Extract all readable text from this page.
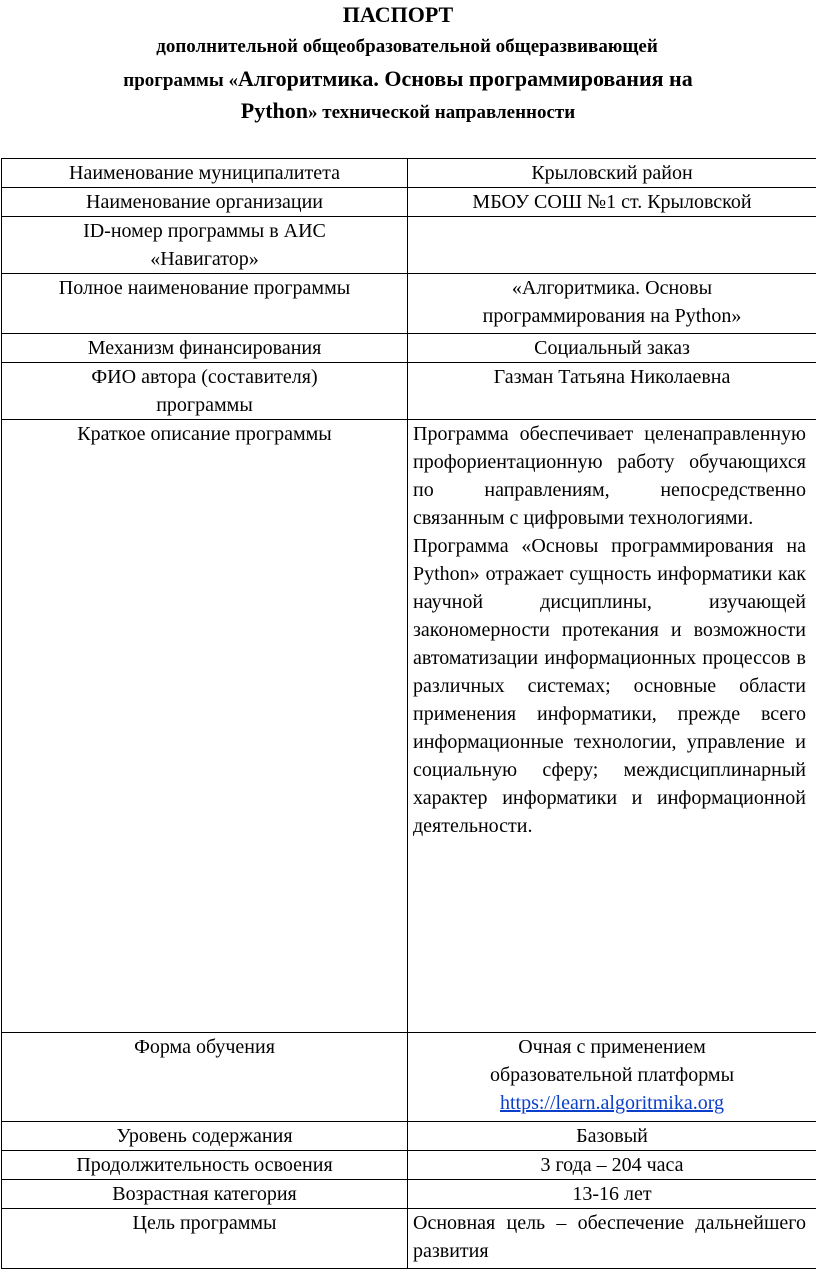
ПАСПОРТ
дополнительной общеобразовательной общеразвивающей
программы «Алгоритмика. Основы программирования на
Python» технической направленности
Наименование муниципалитета	Крыловский район
Наименование организации	МБОУ СОШ №1 ст. Крыловской

ID-номер программы в АИС
«Навигатор»	

Полное наименование программы	«Алгоритмика. Основы
программирования на Python»

Механизм финансирования	Социальный заказ

ФИО автора (составителя)
программы	Газман Татьяна Николаевна
Краткое описание программы	Программа обеспечивает целенаправленную профориентационную работу обучающихся по направлениям, непосредственно связанным с цифровыми технологиями.

Программа «Основы программирования на Python» отражает сущность информатики как научной дисциплины, изучающей закономерности протекания и возможности автоматизации информационных процессов в различных системах; основные области применения информатики, прежде всего информационные технологии, управление и социальную сферу; междисциплинарный характер информатики и информационной деятельности.

Форма обучения	Очная с применением
образовательной платформы
https://learn.algoritmika.org

Уровень содержания	Базовый
Продолжительность освоения	3 года – 204 часа
Возрастная категория	13-16 лет
Цель программы	Основная цель – обеспечение дальнейшего развития
